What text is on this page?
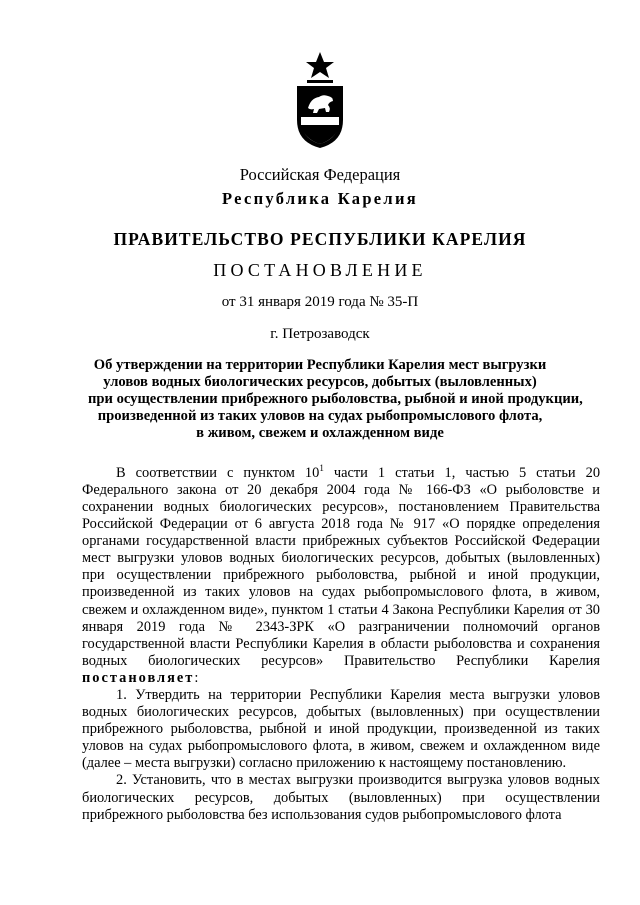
Российская Федерация
Республика Карелия
ПРАВИТЕЛЬСТВО РЕСПУБЛИКИ КАРЕЛИЯ
ПОСТАНОВЛЕНИЕ
от 31 января 2019 года № 35-П
г. Петрозаводск
Об утверждении на территории Республики Карелия мест выгрузки
уловов водных биологических ресурсов, добытых (выловленных)
при осуществлении прибрежного рыболовства, рыбной и иной продукции,
произведенной из таких уловов на судах рыбопромыслового флота,
в живом, свежем и охлажденном виде

В соответствии с пунктом $10^1$ части 1 статьи 1, частью 5 статьи 20 Федерального закона от 20 декабря 2004 года № 166-ФЗ «О рыболовстве и сохранении водных биологических ресурсов», постановлением Правительства Российской Федерации от 6 августа 2018 года № 917 «О порядке определения органами государственной власти прибрежных субъектов Российской Федерации мест выгрузки уловов водных биологических ресурсов, добытых (выловленных) при осуществлении прибрежного рыболовства, рыбной и иной продукции, произведенной из таких уловов на судах рыбопромыслового флота, в живом, свежем и охлажденном виде», пунктом 1 статьи 4 Закона Республики Карелия от 30 января 2019 года № 2343-ЗРК «О разграничении полномочий органов государственной власти Республики Карелия в области рыболовства и сохранения водных биологических ресурсов» Правительство Республики Карелия постановляет:

1. Утвердить на территории Республики Карелия места выгрузки уловов водных биологических ресурсов, добытых (выловленных) при осуществлении прибрежного рыболовства, рыбной и иной продукции, произведенной из таких уловов на судах рыбопромыслового флота, в живом, свежем и охлажденном виде (далее – места выгрузки) согласно приложению к настоящему постановлению.

2. Установить, что в местах выгрузки производится выгрузка уловов водных биологических ресурсов, добытых (выловленных) при осуществлении прибрежного рыболовства без использования судов рыбопромыслового флота
